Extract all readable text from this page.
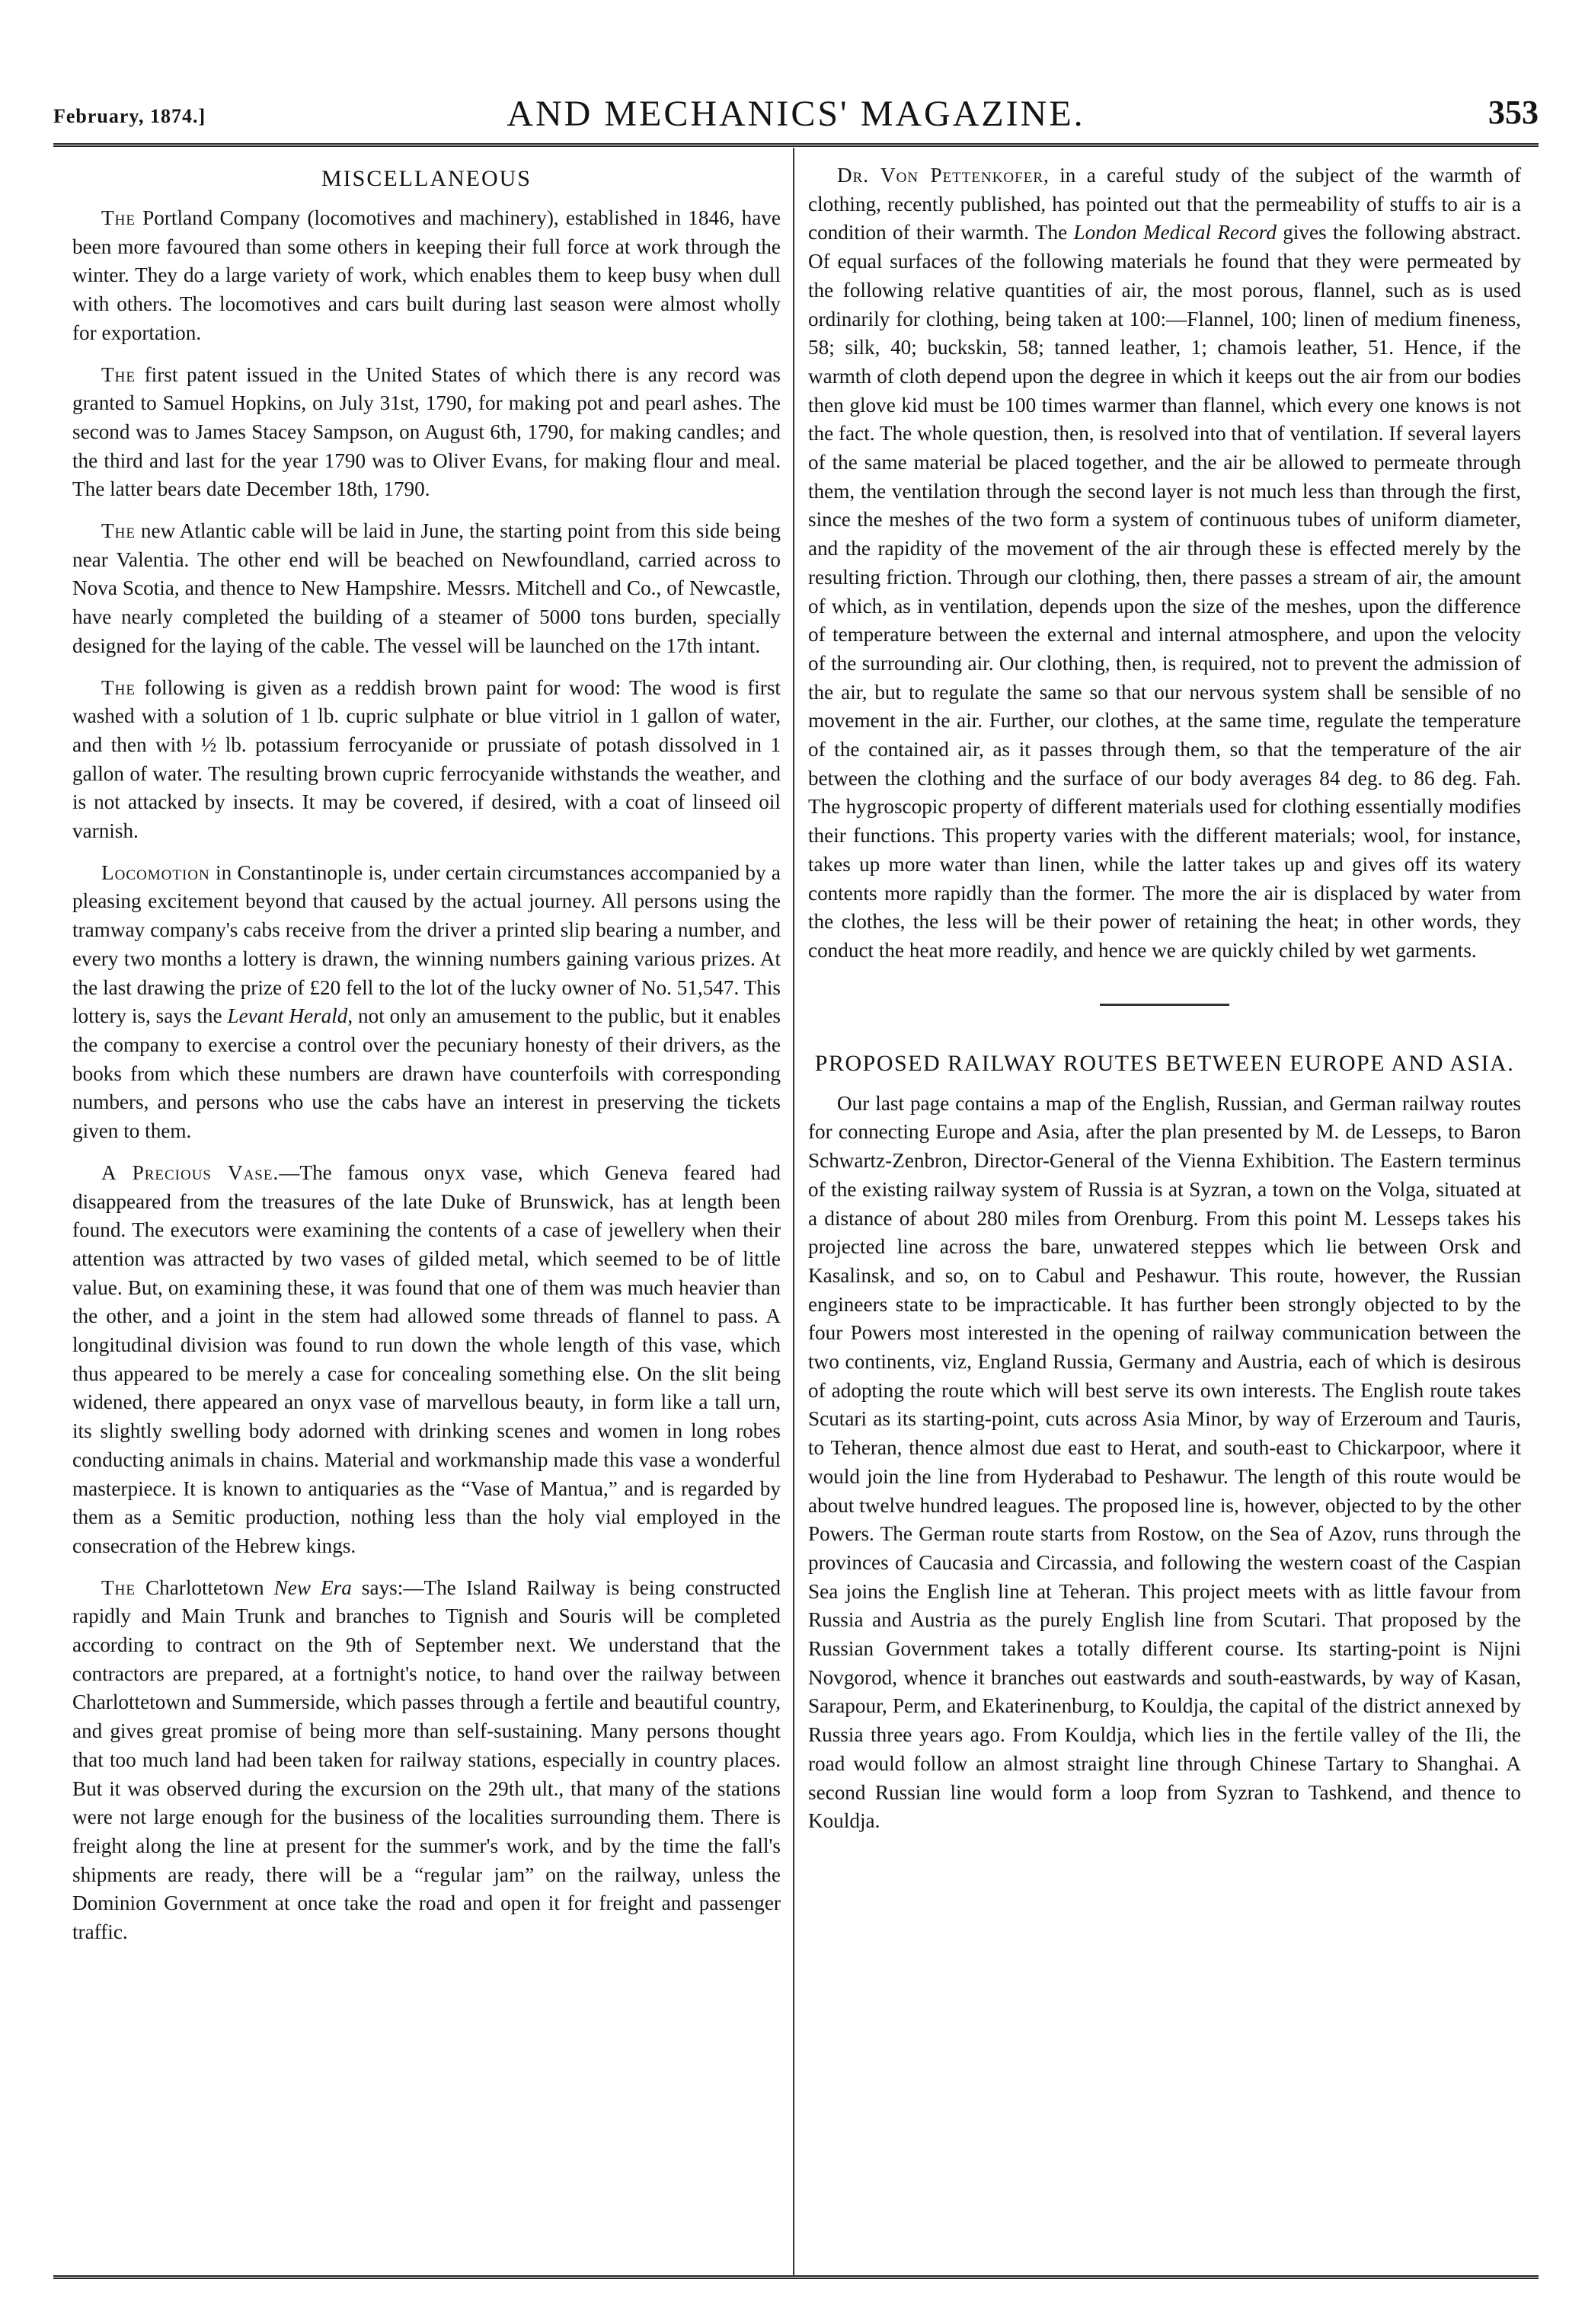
February, 1874.]	AND MECHANICS' MAGAZINE.	353
MISCELLANEOUS

The Portland Company (locomotives and machinery), established in 1846, have been more favoured than some others in keeping their full force at work through the winter. They do a large variety of work, which enables them to keep busy when dull with others. The locomotives and cars built during last season were almost wholly for exportation.

The first patent issued in the United States of which there is any record was granted to Samuel Hopkins, on July 31st, 1790, for making pot and pearl ashes. The second was to James Stacey Sampson, on August 6th, 1790, for making candles; and the third and last for the year 1790 was to Oliver Evans, for making flour and meal. The latter bears date December 18th, 1790.

The new Atlantic cable will be laid in June, the starting point from this side being near Valentia. The other end will be beached on Newfoundland, carried across to Nova Scotia, and thence to New Hampshire. Messrs. Mitchell and Co., of Newcastle, have nearly completed the building of a steamer of 5000 tons burden, specially designed for the laying of the cable. The vessel will be launched on the 17th intant.

The following is given as a reddish brown paint for wood: The wood is first washed with a solution of 1 lb. cupric sulphate or blue vitriol in 1 gallon of water, and then with ½ lb. potassium ferrocyanide or prussiate of potash dissolved in 1 gallon of water. The resulting brown cupric ferrocyanide withstands the weather, and is not attacked by insects. It may be covered, if desired, with a coat of linseed oil varnish.

Locomotion in Constantinople is, under certain circumstances accompanied by a pleasing excitement beyond that caused by the actual journey. All persons using the tramway company's cabs receive from the driver a printed slip bearing a number, and every two months a lottery is drawn, the winning numbers gaining various prizes. At the last drawing the prize of £20 fell to the lot of the lucky owner of No. 51,547. This lottery is, says the Levant Herald, not only an amusement to the public, but it enables the company to exercise a control over the pecuniary honesty of their drivers, as the books from which these numbers are drawn have counterfoils with corresponding numbers, and persons who use the cabs have an interest in preserving the tickets given to them.

A Precious Vase.—The famous onyx vase, which Geneva feared had disappeared from the treasures of the late Duke of Brunswick, has at length been found. The executors were examining the contents of a case of jewellery when their attention was attracted by two vases of gilded metal, which seemed to be of little value. But, on examining these, it was found that one of them was much heavier than the other, and a joint in the stem had allowed some threads of flannel to pass. A longitudinal division was found to run down the whole length of this vase, which thus appeared to be merely a case for concealing something else. On the slit being widened, there appeared an onyx vase of marvellous beauty, in form like a tall urn, its slightly swelling body adorned with drinking scenes and women in long robes conducting animals in chains. Material and workmanship made this vase a wonderful masterpiece. It is known to antiquaries as the “Vase of Mantua,” and is regarded by them as a Semitic production, nothing less than the holy vial employed in the consecration of the Hebrew kings.

The Charlottetown New Era says:—The Island Railway is being constructed rapidly and Main Trunk and branches to Tignish and Souris will be completed according to contract on the 9th of September next. We understand that the contractors are prepared, at a fortnight's notice, to hand over the railway between Charlottetown and Summerside, which passes through a fertile and beautiful country, and gives great promise of being more than self-sustaining. Many persons thought that too much land had been taken for railway stations, especially in country places. But it was observed during the excursion on the 29th ult., that many of the stations were not large enough for the business of the localities surrounding them. There is freight along the line at present for the summer's work, and by the time the fall's shipments are ready, there will be a “regular jam” on the railway, unless the Dominion Government at once take the road and open it for freight and passenger traffic.

Dr. Von Pettenkofer, in a careful study of the subject of the warmth of clothing, recently published, has pointed out that the permeability of stuffs to air is a condition of their warmth. The London Medical Record gives the following abstract. Of equal surfaces of the following materials he found that they were permeated by the following relative quantities of air, the most porous, flannel, such as is used ordinarily for clothing, being taken at 100:—Flannel, 100; linen of medium fineness, 58; silk, 40; buckskin, 58; tanned leather, 1; chamois leather, 51. Hence, if the warmth of cloth depend upon the degree in which it keeps out the air from our bodies then glove kid must be 100 times warmer than flannel, which every one knows is not the fact. The whole question, then, is resolved into that of ventilation. If several layers of the same material be placed together, and the air be allowed to permeate through them, the ventilation through the second layer is not much less than through the first, since the meshes of the two form a system of continuous tubes of uniform diameter, and the rapidity of the movement of the air through these is effected merely by the resulting friction. Through our clothing, then, there passes a stream of air, the amount of which, as in ventilation, depends upon the size of the meshes, upon the difference of temperature between the external and internal atmosphere, and upon the velocity of the surrounding air. Our clothing, then, is required, not to prevent the admission of the air, but to regulate the same so that our nervous system shall be sensible of no movement in the air. Further, our clothes, at the same time, regulate the temperature of the contained air, as it passes through them, so that the temperature of the air between the clothing and the surface of our body averages 84 deg. to 86 deg. Fah. The hygroscopic property of different materials used for clothing essentially modifies their functions. This property varies with the different materials; wool, for instance, takes up more water than linen, while the latter takes up and gives off its watery contents more rapidly than the former. The more the air is displaced by water from the clothes, the less will be their power of retaining the heat; in other words, they conduct the heat more readily, and hence we are quickly chiled by wet garments.

PROPOSED RAILWAY ROUTES BETWEEN EUROPE AND ASIA.

Our last page contains a map of the English, Russian, and German railway routes for connecting Europe and Asia, after the plan presented by M. de Lesseps, to Baron Schwartz-Zenbron, Director-General of the Vienna Exhibition. The Eastern terminus of the existing railway system of Russia is at Syzran, a town on the Volga, situated at a distance of about 280 miles from Orenburg. From this point M. Lesseps takes his projected line across the bare, unwatered steppes which lie between Orsk and Kasalinsk, and so, on to Cabul and Peshawur. This route, however, the Russian engineers state to be impracticable. It has further been strongly objected to by the four Powers most interested in the opening of railway communication between the two continents, viz, England Russia, Germany and Austria, each of which is desirous of adopting the route which will best serve its own interests. The English route takes Scutari as its starting-point, cuts across Asia Minor, by way of Erzeroum and Tauris, to Teheran, thence almost due east to Herat, and south-east to Chickarpoor, where it would join the line from Hyderabad to Peshawur. The length of this route would be about twelve hundred leagues. The proposed line is, however, objected to by the other Powers. The German route starts from Rostow, on the Sea of Azov, runs through the provinces of Caucasia and Circassia, and following the western coast of the Caspian Sea joins the English line at Teheran. This project meets with as little favour from Russia and Austria as the purely English line from Scutari. That proposed by the Russian Government takes a totally different course. Its starting-point is Nijni Novgorod, whence it branches out eastwards and south-eastwards, by way of Kasan, Sarapour, Perm, and Ekaterinenburg, to Kouldja, the capital of the district annexed by Russia three years ago. From Kouldja, which lies in the fertile valley of the Ili, the road would follow an almost straight line through Chinese Tartary to Shanghai. A second Russian line would form a loop from Syzran to Tashkend, and thence to Kouldja.
